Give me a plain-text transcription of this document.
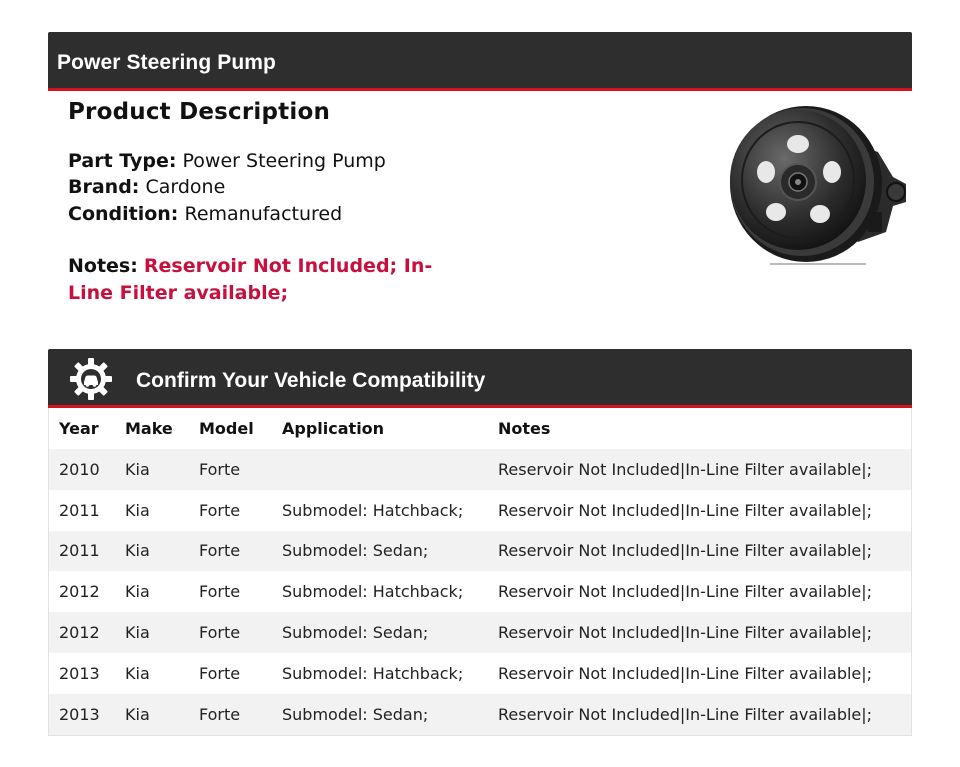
Power Steering Pump
Product Description
Part Type: Power Steering Pump
Brand: Cardone
Condition: Remanufactured
Notes: Reservoir Not Included; In-Line Filter available;
Confirm Your Vehicle Compatibility
Year	Make	Model	Application	Notes
2010	Kia	Forte		Reservoir Not Included|In-Line Filter available|;
2011	Kia	Forte	Submodel: Hatchback;	Reservoir Not Included|In-Line Filter available|;
2011	Kia	Forte	Submodel: Sedan;	Reservoir Not Included|In-Line Filter available|;
2012	Kia	Forte	Submodel: Hatchback;	Reservoir Not Included|In-Line Filter available|;
2012	Kia	Forte	Submodel: Sedan;	Reservoir Not Included|In-Line Filter available|;
2013	Kia	Forte	Submodel: Hatchback;	Reservoir Not Included|In-Line Filter available|;
2013	Kia	Forte	Submodel: Sedan;	Reservoir Not Included|In-Line Filter available|;
